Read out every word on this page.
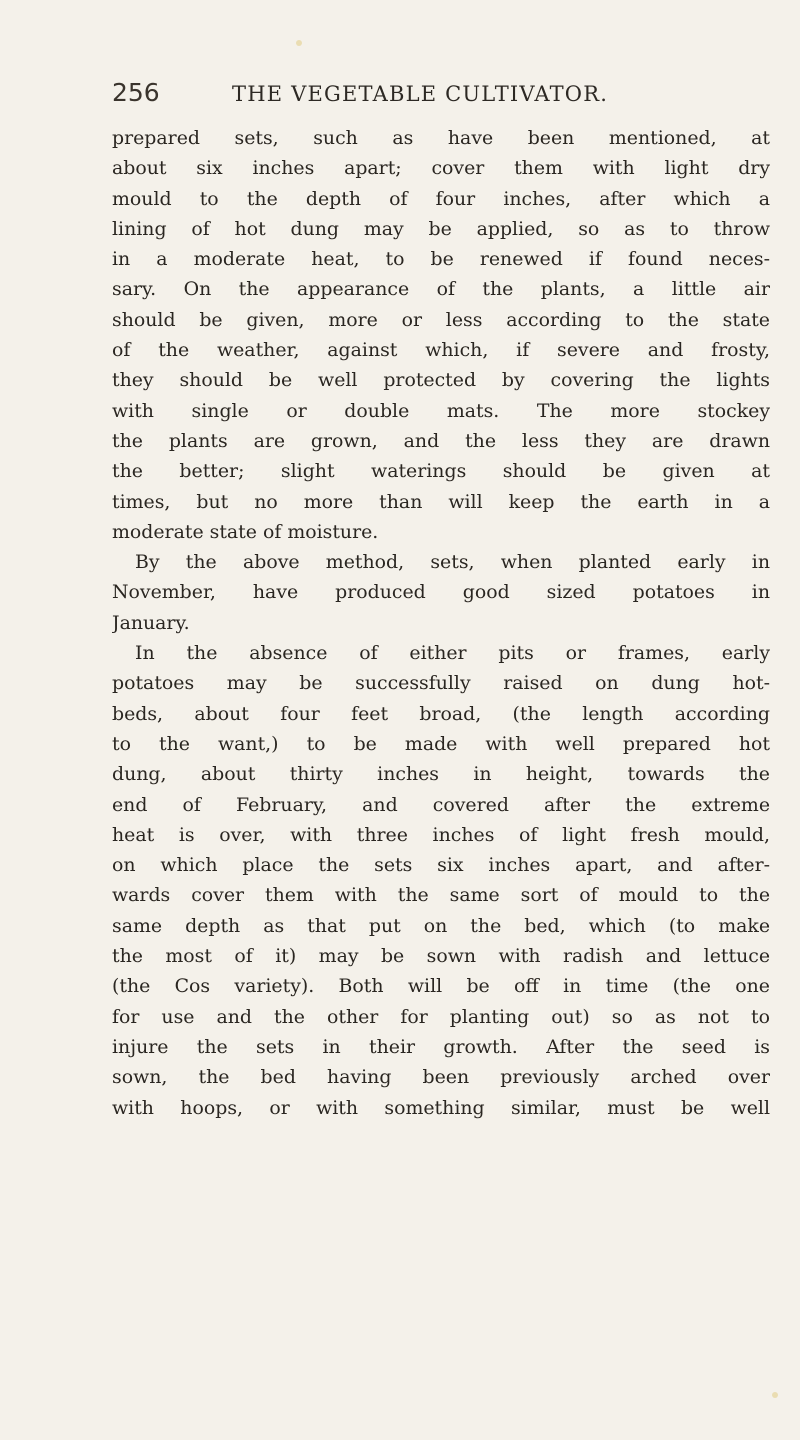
256	THE VEGETABLE CULTIVATOR.
prepared sets, such as have been mentioned, at
about six inches apart; cover them with light dry
mould to the depth of four inches, after which a
lining of hot dung may be applied, so as to throw
in a moderate heat, to be renewed if found neces-
sary. On the appearance of the plants, a little air
should be given, more or less according to the state
of the weather, against which, if severe and frosty,
they should be well protected by covering the lights
with single or double mats. The more stockey
the plants are grown, and the less they are drawn
the better; slight waterings should be given at
times, but no more than will keep the earth in a
moderate state of moisture.
By the above method, sets, when planted early in
November, have produced good sized potatoes in
January.
In the absence of either pits or frames, early
potatoes may be successfully raised on dung hot-
beds, about four feet broad, (the length according
to the want,) to be made with well prepared hot
dung, about thirty inches in height, towards the
end of February, and covered after the extreme
heat is over, with three inches of light fresh mould,
on which place the sets six inches apart, and after-
wards cover them with the same sort of mould to the
same depth as that put on the bed, which (to make
the most of it) may be sown with radish and lettuce
(the Cos variety). Both will be off in time (the one
for use and the other for planting out) so as not to
injure the sets in their growth. After the seed is
sown, the bed having been previously arched over
with hoops, or with something similar, must be well
